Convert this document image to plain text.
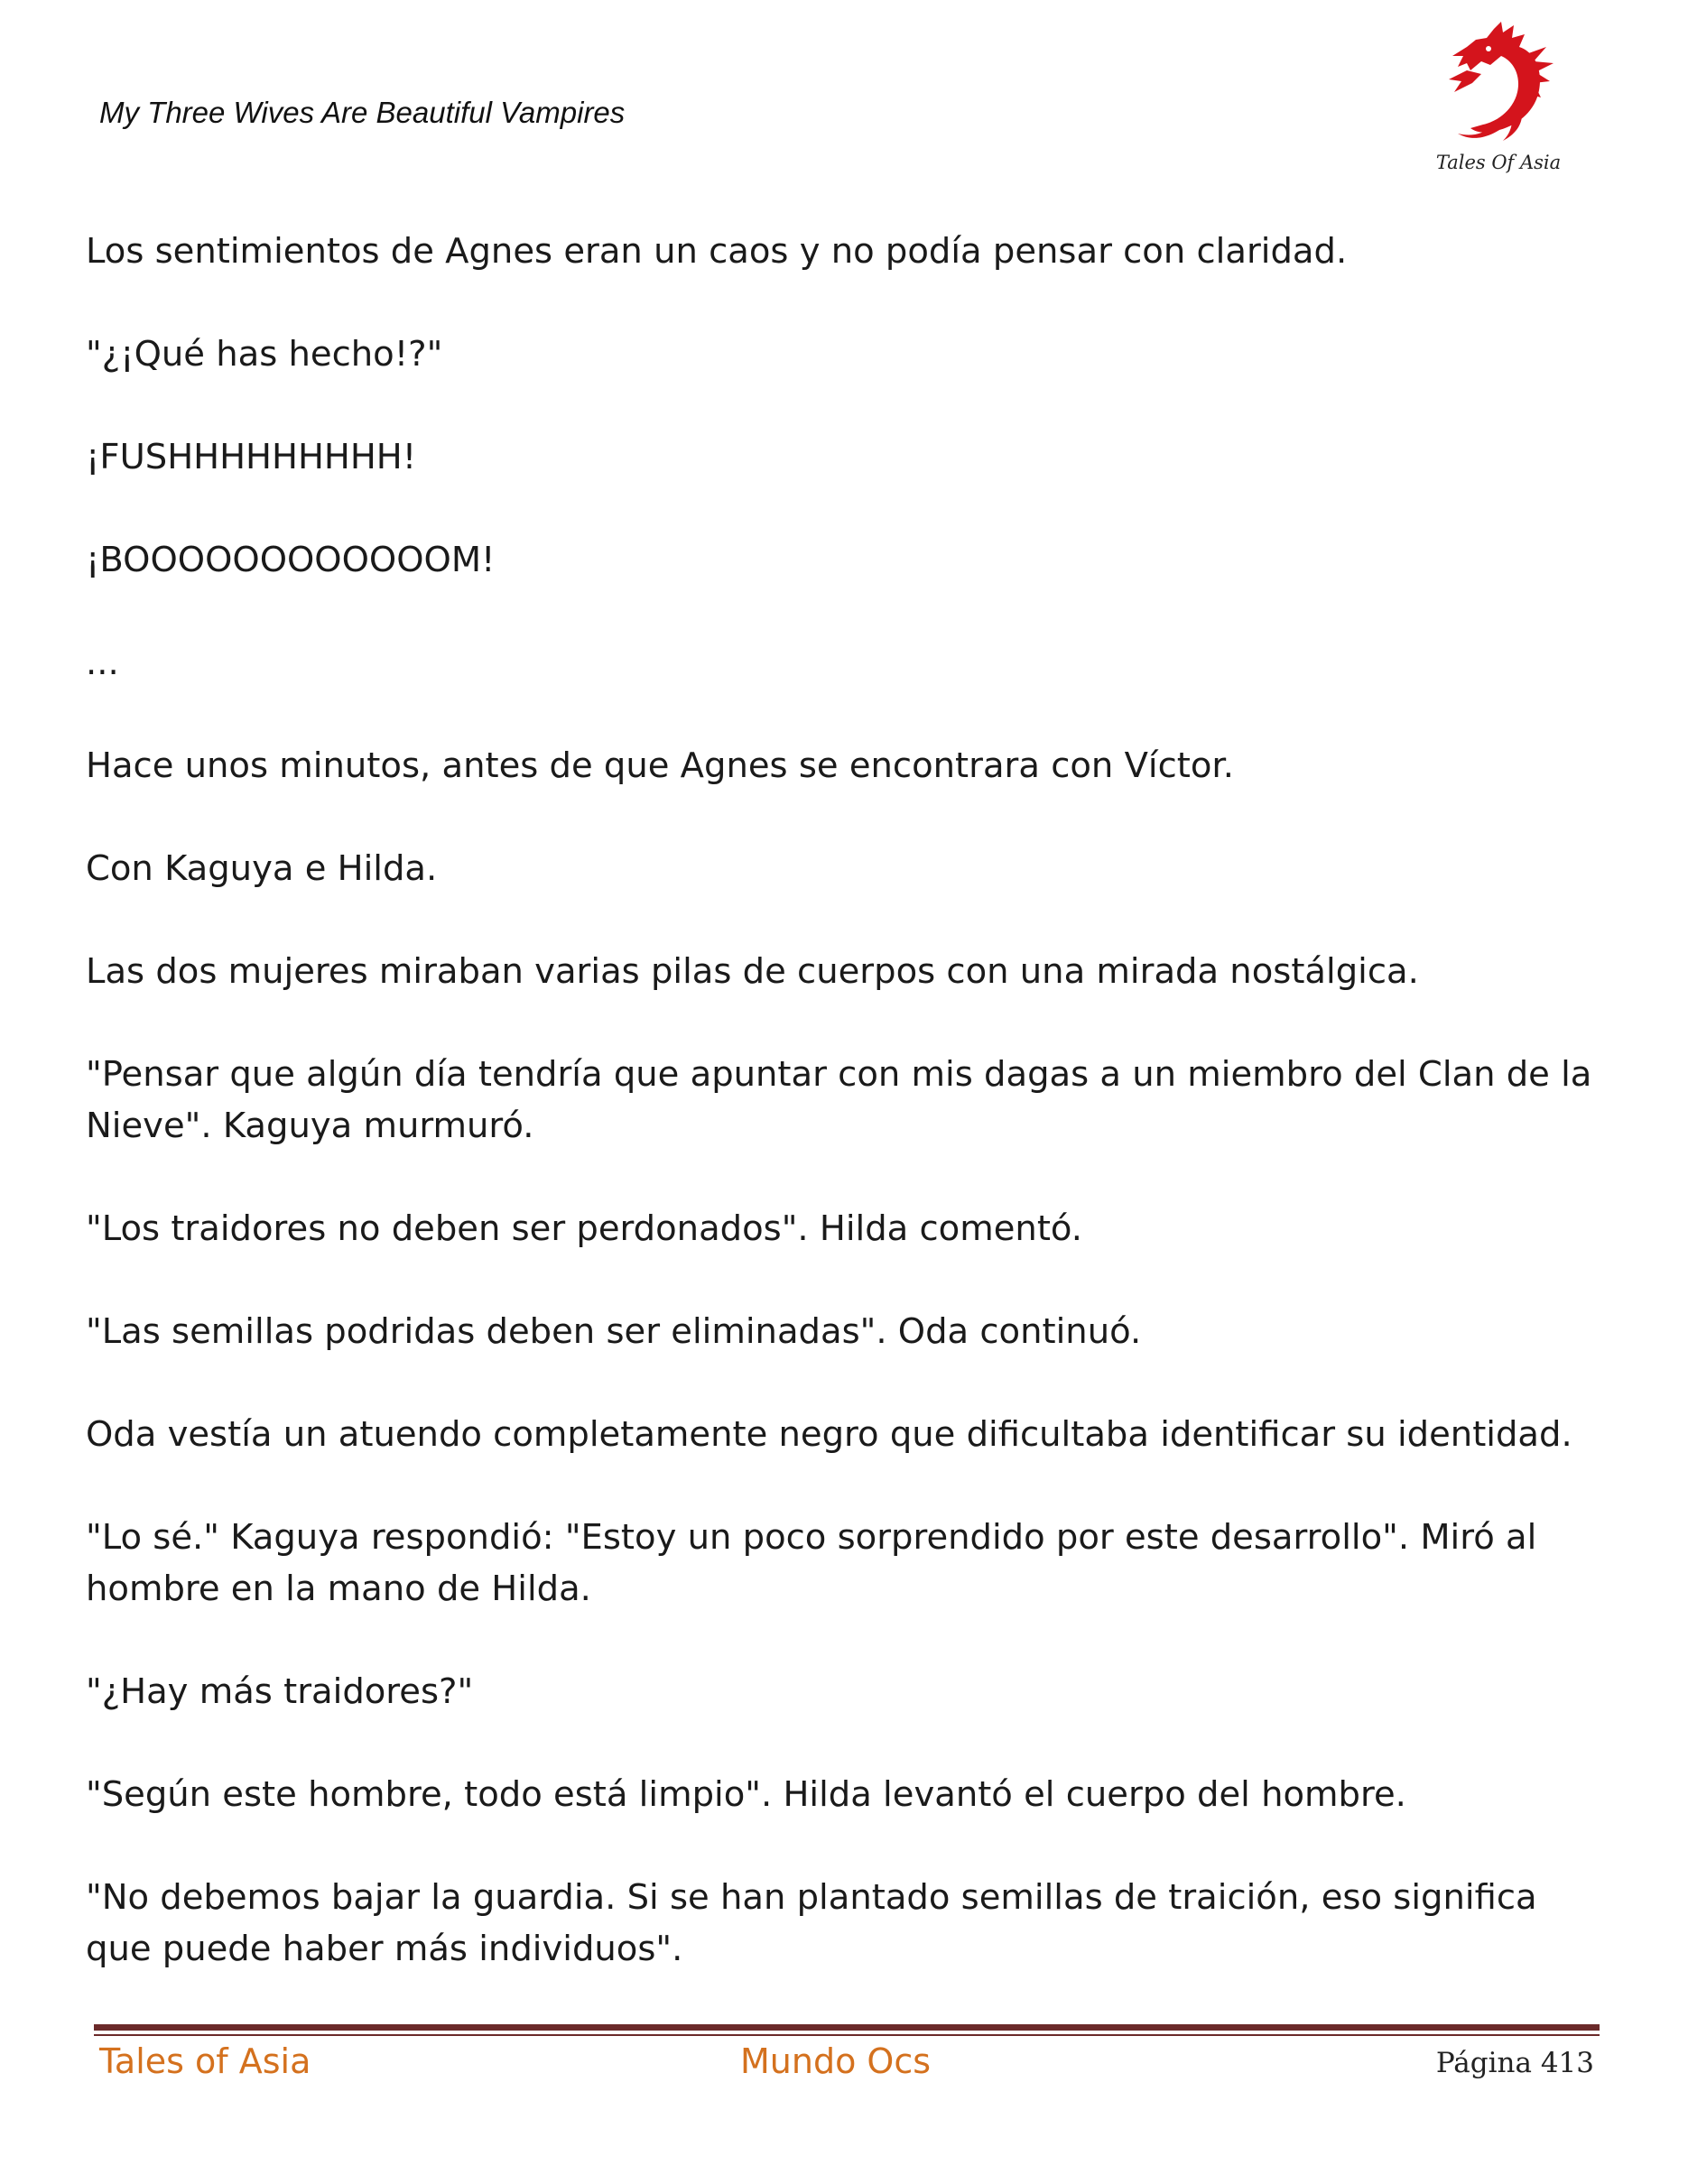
My Three Wives Are Beautiful Vampires
Tales Of Asia

Los sentimientos de Agnes eran un caos y no podía pensar con claridad.

"¿¡Qué has hecho!?"

¡FUSHHHHHHHHH!

¡BOOOOOOOOOOOOM!

...

Hace unos minutos, antes de que Agnes se encontrara con Víctor.

Con Kaguya e Hilda.

Las dos mujeres miraban varias pilas de cuerpos con una mirada nostálgica.

"Pensar que algún día tendría que apuntar con mis dagas a un miembro del Clan de la Nieve". Kaguya murmuró.

"Los traidores no deben ser perdonados". Hilda comentó.

"Las semillas podridas deben ser eliminadas". Oda continuó.

Oda vestía un atuendo completamente negro que dificultaba identificar su identidad.

"Lo sé." Kaguya respondió: "Estoy un poco sorprendido por este desarrollo". Miró al hombre en la mano de Hilda.

"¿Hay más traidores?"

"Según este hombre, todo está limpio". Hilda levantó el cuerpo del hombre.

"No debemos bajar la guardia. Si se han plantado semillas de traición, eso significa que puede haber más individuos".

Tales of Asia	Mundo Ocs	Página 413
